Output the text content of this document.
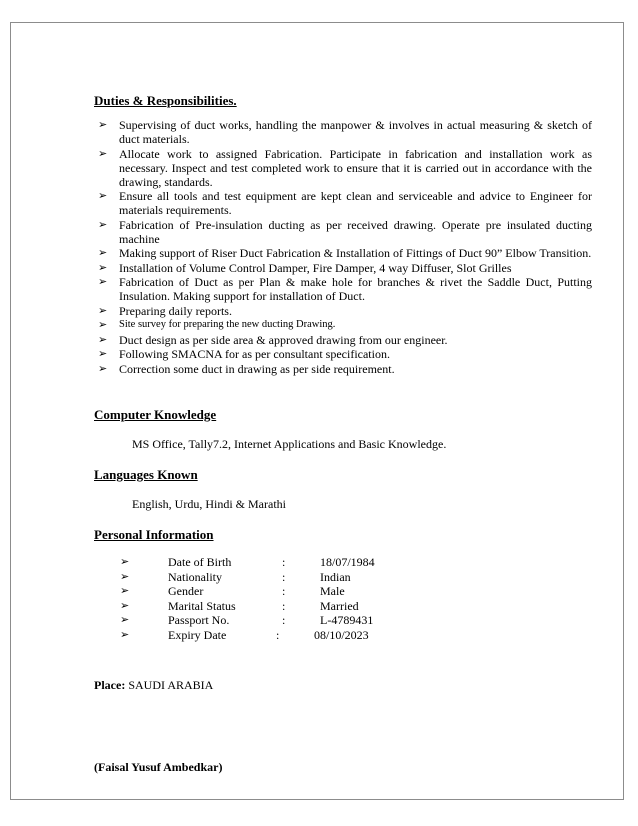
Duties & Responsibilities.
➢ Supervising of duct works, handling the manpower & involves in actual measuring & sketch of duct materials.
➢ Allocate work to assigned Fabrication. Participate in fabrication and installation work as necessary. Inspect and test completed work to ensure that it is carried out in accordance with the drawing, standards.
➢ Ensure all tools and test equipment are kept clean and serviceable and advice to Engineer for materials requirements.
➢ Fabrication of Pre-insulation ducting as per received drawing. Operate pre insulated ducting machine
➢ Making support of Riser Duct Fabrication & Installation of Fittings of Duct 90” Elbow Transition.
➢ Installation of Volume Control Damper, Fire Damper, 4 way Diffuser, Slot Grilles
➢ Fabrication of Duct as per Plan & make hole for branches & rivet the Saddle Duct, Putting Insulation. Making support for installation of Duct.
➢ Preparing daily reports.
➢ Site survey for preparing the new ducting Drawing.
➢ Duct design as per side area & approved drawing from our engineer.
➢ Following SMACNA for as per consultant specification.
➢ Correction some duct in drawing as per side requirement.
Computer Knowledge
MS Office, Tally7.2, Internet Applications and Basic Knowledge.
Languages Known
English, Urdu, Hindi & Marathi
Personal Information
➢	Date of Birth	:	18/07/1984
➢	Nationality	:	Indian
➢	Gender	:	Male
➢	Marital Status	:	Married
➢	Passport No.	:	L-4789431
➢	Expiry Date	:	08/10/2023
Place: SAUDI ARABIA
(Faisal Yusuf Ambedkar)
